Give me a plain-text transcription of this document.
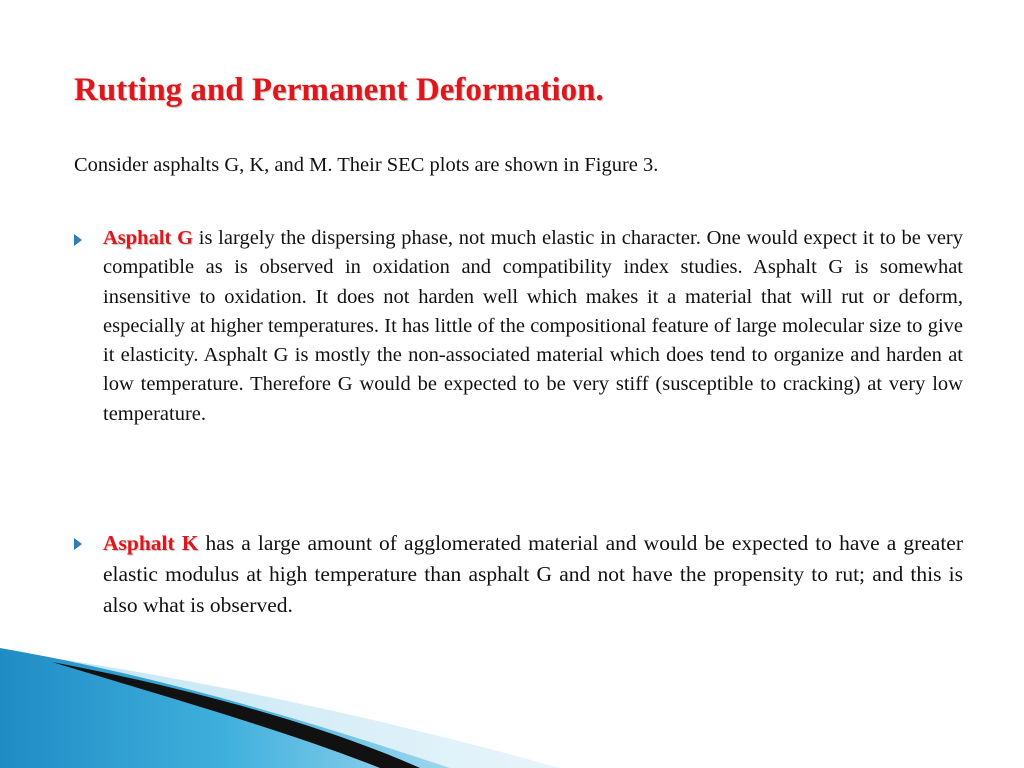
Rutting and Permanent Deformation.

Consider asphalts G, K, and M. Their SEC plots are shown in Figure 3.

Asphalt G is largely the dispersing phase, not much elastic in character. One would expect it to be very compatible as is observed in oxidation and compatibility index studies. Asphalt G is somewhat insensitive to oxidation. It does not harden well which makes it a material that will rut or deform, especially at higher temperatures. It has little of the compositional feature of large molecular size to give it elasticity. Asphalt G is mostly the non-associated material which does tend to organize and harden at low temperature. Therefore G would be expected to be very stiff (susceptible to cracking) at very low temperature.

Asphalt K has a large amount of agglomerated material and would be expected to have a greater elastic modulus at high temperature than asphalt G and not have the propensity to rut; and this is also what is observed.
